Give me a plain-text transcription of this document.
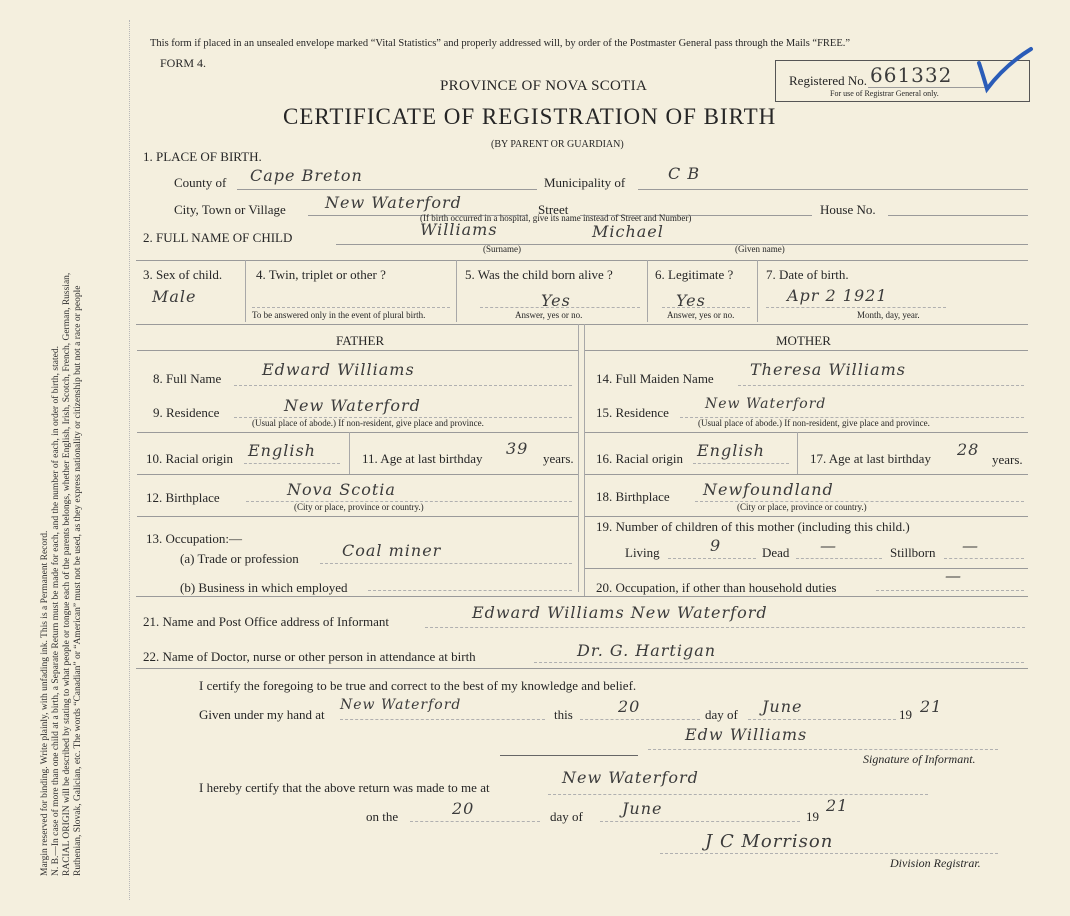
Margin reserved for binding. Write plainly, with unfading ink. This is a Permanent Record. N. B.—In case of more than one child at a birth, a Separate Return must be made for each, and the number of each, in order of birth, stated. RACIAL ORIGIN will be described by stating to what people or tongue each of the parents belongs, whether English, Irish, Scotch, French, German, Russian, Ruthenian, Slovak, Galician, etc. The words “Canadian” or “American” must not be used, as they express nationality or citizenship but not a race or people

This form if placed in an unsealed envelope marked “Vital Statistics” and properly addressed will, by order of the Postmaster General pass through the Mails “FREE.”
FORM 4.
PROVINCE OF NOVA SCOTIA
CERTIFICATE OF REGISTRATION OF BIRTH
(BY PARENT OR GUARDIAN)
Registered No. 661332
For use of Registrar General only.
1. PLACE OF BIRTH.
County of Cape Breton	Municipality of	C B
City, Town or Village New Waterford	Street	House No.
(If birth occurred in a hospital, give its name instead of Street and Number)
2. FULL NAME OF CHILD	Williams	Michael
(Surname)	(Given name)
3. Sex of child.
Male
4. Twin, triplet or other ?
To be answered only in the event of plural birth.
5. Was the child born alive ?
Yes
Answer, yes or no.
6. Legitimate ?
Yes
Answer, yes or no.
7. Date of birth.
Apr 2 1921
Month, day, year.
FATHER	MOTHER
8. Full Name	Edward Williams
9. Residence	New Waterford
(Usual place of abode.) If non-resident, give place and province.
10. Racial origin English	11. Age at last birthday
39
years.
12. Birthplace	Nova Scotia
(City or place, province or country.)
13. Occupation:—
(a) Trade or profession	Coal miner
(b) Business in which employed
14. Full Maiden Name Theresa Williams
15. Residence
New Waterford
(Usual place of abode.) If non-resident, give place and province.
16. Racial origin English	17. Age at last birthday 28
years.
18. Birthplace Newfoundland
(City or place, province or country.)
19. Number of children of this mother (including this child.)
Living	9	Dead —	Stillborn —
20. Occupation, if other than household duties
—
21. Name and Post Office address of Informant	Edward Williams New Waterford
22. Name of Doctor, nurse or other person in attendance at birth	Dr. G. Hartigan
I certify the foregoing to be true and correct to the best of my knowledge and belief.
Given under my hand at
New Waterford
this	20	day of June	19 21
Edw Williams
Signature of Informant.
I hereby certify that the above return was made to me at
New Waterford
on the	20	day of June	19
21
J C Morrison
Division Registrar.
